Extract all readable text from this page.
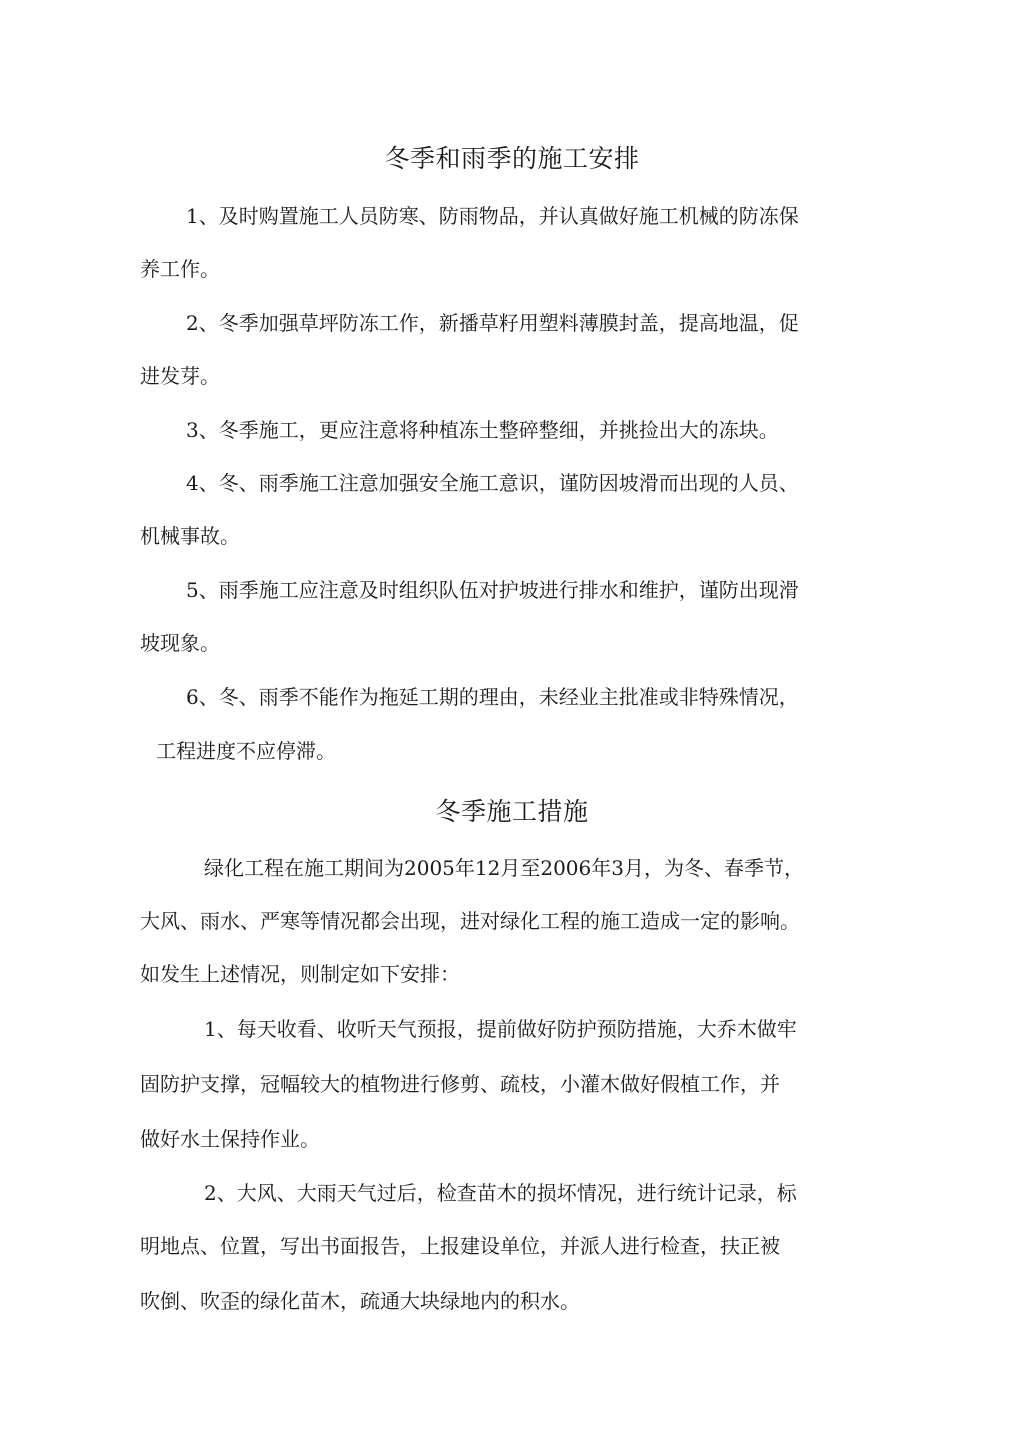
冬季和雨季的施工安排
1、及时购置施工人员防寒、防雨物品，并认真做好施工机械的防冻保
养工作。
2、冬季加强草坪防冻工作，新播草籽用塑料薄膜封盖，提高地温，促
进发芽。
3、冬季施工，更应注意将种植冻土整碎整细，并挑捡出大的冻块。
4、冬、雨季施工注意加强安全施工意识，谨防因坡滑而出现的人员、
机械事故。
5、雨季施工应注意及时组织队伍对护坡进行排水和维护，谨防出现滑
坡现象。
6、冬、雨季不能作为拖延工期的理由，未经业主批准或非特殊情况，
工程进度不应停滞。
冬季施工措施
绿化工程在施工期间为2005年12月至2006年3月，为冬、春季节，
大风、雨水、严寒等情况都会出现，进对绿化工程的施工造成一定的影响。
如发生上述情况，则制定如下安排：
1、每天收看、收听天气预报，提前做好防护预防措施，大乔木做牢
固防护支撑，冠幅较大的植物进行修剪、疏枝，小灌木做好假植工作，并
做好水土保持作业。
2、大风、大雨天气过后，检查苗木的损坏情况，进行统计记录，标
明地点、位置，写出书面报告，上报建设单位，并派人进行检查，扶正被
吹倒、吹歪的绿化苗木，疏通大块绿地内的积水。
